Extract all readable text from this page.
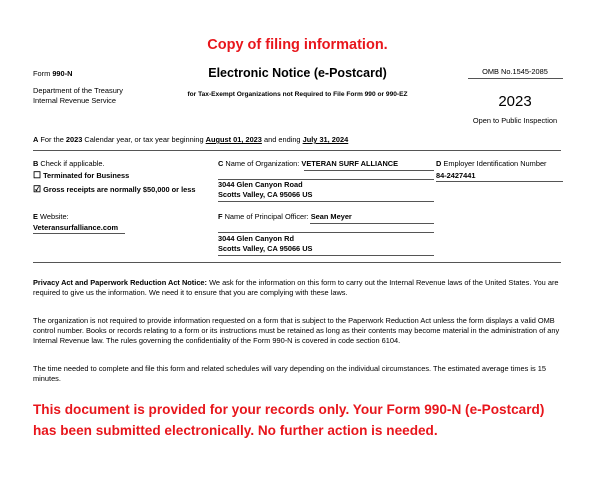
Copy of filing information.
Form 990-N
Department of the Treasury
Internal Revenue Service
Electronic Notice (e-Postcard)
for Tax-Exempt Organizations not Required to File Form 990 or 990-EZ
OMB No.1545-2085
2023
Open to Public Inspection
A For the 2023 Calendar year, or tax year beginning August 01, 2023 and ending July 31, 2024
B Check if applicable.
☐ Terminated for Business
☑ Gross receipts are normally $50,000 or less
C Name of Organization: VETERAN SURF ALLIANCE
3044 Glen Canyon Road
Scotts Valley, CA 95066 US
D Employer Identification Number
84-2427441
E Website:
Veteransurfalliance.com
F Name of Principal Officer: Sean Meyer
3044 Glen Canyon Rd
Scotts Valley, CA 95066 US
Privacy Act and Paperwork Reduction Act Notice: We ask for the information on this form to carry out the Internal Revenue laws of the United States. You are required to give us the information. We need it to ensure that you are complying with these laws.
The organization is not required to provide information requested on a form that is subject to the Paperwork Reduction Act unless the form displays a valid OMB control number. Books or records relating to a form or its instructions must be retained as long as their contents may become material in the administration of any Internal Revenue law. The rules governing the confidentiality of the Form 990-N is covered in code section 6104.
The time needed to complete and file this form and related schedules will vary depending on the individual circumstances. The estimated average times is 15 minutes.
This document is provided for your records only. Your Form 990-N (e-Postcard)
has been submitted electronically. No further action is needed.
